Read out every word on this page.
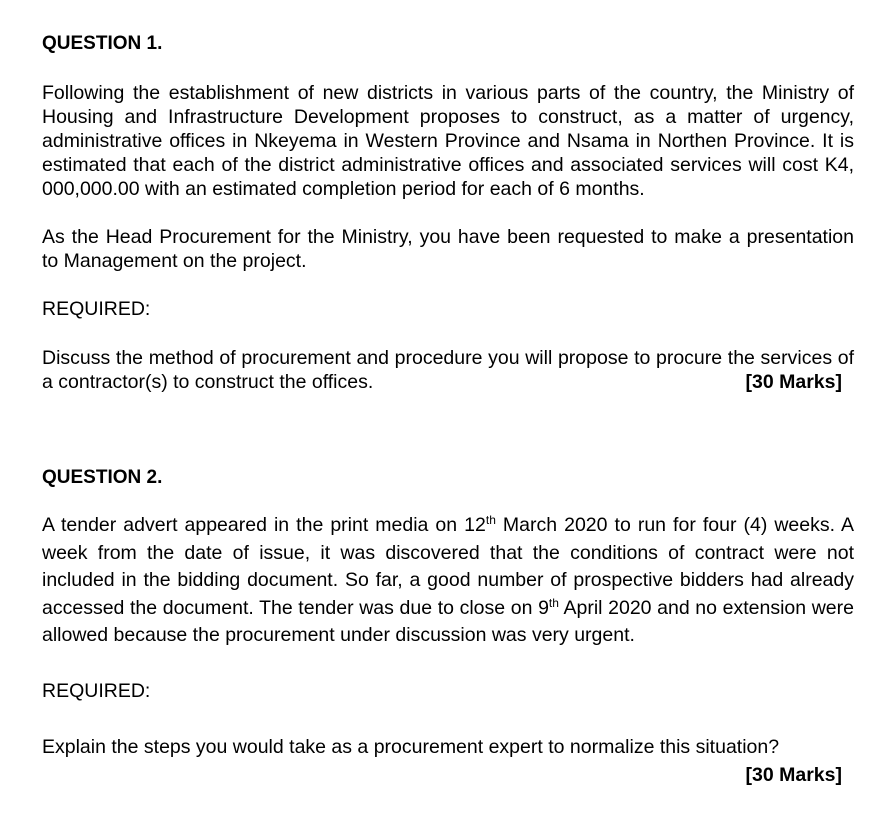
QUESTION 1.
Following the establishment of new districts in various parts of the country, the Ministry of Housing and Infrastructure Development proposes to construct, as a matter of urgency, administrative offices in Nkeyema in Western Province and Nsama in Northen Province. It is estimated that each of the district administrative offices and associated services will cost K4, 000,000.00 with an estimated completion period for each of 6 months.
As the Head Procurement for the Ministry, you have been requested to make a presentation to Management on the project.
REQUIRED:
Discuss the method of procurement and procedure you will propose to procure the services of a contractor(s) to construct the offices.	[30 Marks]
QUESTION 2.
A tender advert appeared in the print media on 12th March 2020 to run for four (4) weeks. A week from the date of issue, it was discovered that the conditions of contract were not included in the bidding document. So far, a good number of prospective bidders had already accessed the document. The tender was due to close on 9th April 2020 and no extension were allowed because the procurement under discussion was very urgent.
REQUIRED:
Explain the steps you would take as a procurement expert to normalize this situation?
[30 Marks]
